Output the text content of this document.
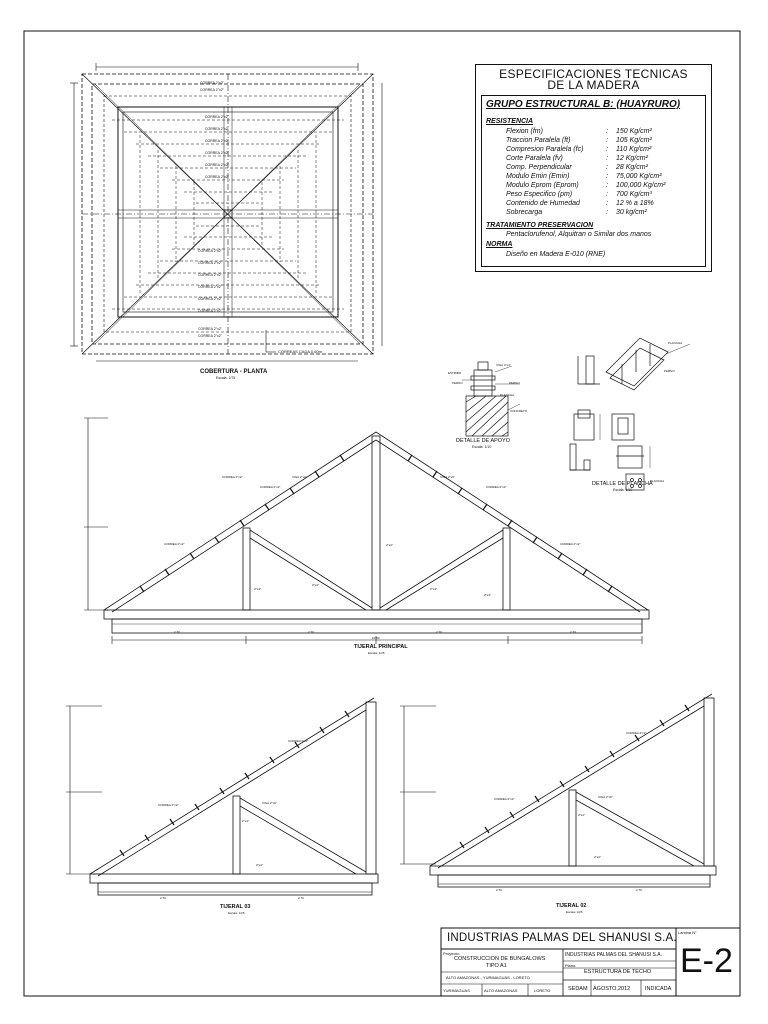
CORREA 2"x2"
CORREA 2"x2"
CORREA 2"x2"
CORREA 2"x2"
CORREA 2"x2"
CORREA 2"x2"
CORREA 2"x2"
CORREA 2"x2"
CORREA 2"x2"
CORREA 2"x2"
CORREA 2"x2"
CORREA 2"x2"
CORREA 2"x2"
CORREA 2"x2"
CORREA 2"x2"
CORREA 2"x2"
ESTRIBO
PERNO
VIGA 4"x4"
PERNO
PLANCHA
CONCRETO
PLANCHA
PERNO
PLANCHA
CORREA 2"x2"
CORREA 2"x2"
CORREA 2"x2"
VIGA 2"x6"	VIGA 2"x6"
CORREA 2"x2"
CORREA 2"x2"
2"x4"
2"x4"
2"x4"
2"x4"
2"x4"
2.70	2.70	2.70	2.70
10.80
CORREA 2"x2"
CORREA 2"x2"
VIGA 2"x6"
2"x4"
2"x4"
2.70	2.70
CORREA 2"x2"
CORREA 2"x2"
VIGA 2"x6"
2"x4"
2"x4"
2.70	2.70
ESPECIFICACIONES TECNICAS
DE LA MADERA
GRUPO ESTRUCTURAL B: (HUAYRURO)
RESISTENCIA
Flexion (fm)	: 150 Kg/cm²
Traccion Paralela (ft)	: 105 Kg/cm²
Compresion Paralela (fc)	: 110 Kg/cm²
Corte Paralela (fv)	: 12 Kg/cm²
Comp. Perpendicular	: 28 Kg/cm²
Modulo Emin (Emin)	: 75,000 Kg/cm²
Modulo Eprom (Eprom)	: 100,000 Kg/cm²
Peso Especifico (pm)	: 700 Kg/cm³
Contenido de Humedad	: 12 % a 18%
Sobrecarga	: 30 kg/cm²
TRATAMIENTO PRESERVACION
Pentaclorufenol, Alquitran o Similar dos manos
NORMA
Diseño en Madera E-010 (RNE)
COBERTURA - PLANTA
Escala: 1/75
CORREAS CADA 0.60m
DETALLE DE APOYO
Escala: 1/10
DETALLE DE PLANCHA
Escala: 1/10
TIJERAL PRINCIPAL
Escala: 1/25
TIJERAL 03
Escala: 1/25
TIJERAL 02
Escala: 1/25
INDUSTRIAS PALMAS DEL SHANUSI S.A.
Proyecto:
CONSTRUCCION DE BUNGALOWS
TIPO A1
ALTO AMAZONAS - YURIMAGUAS - LORETO
YURIMAGUAS	ALTO AMAZONAS	LORETO
INDUSTRIAS PALMAS DEL SHANUSI S.A.
Plano:
ESTRUCTURA DE TECHO
SEDAM AGOSTO,2012	INDICADA
Lamina N°
E-2
